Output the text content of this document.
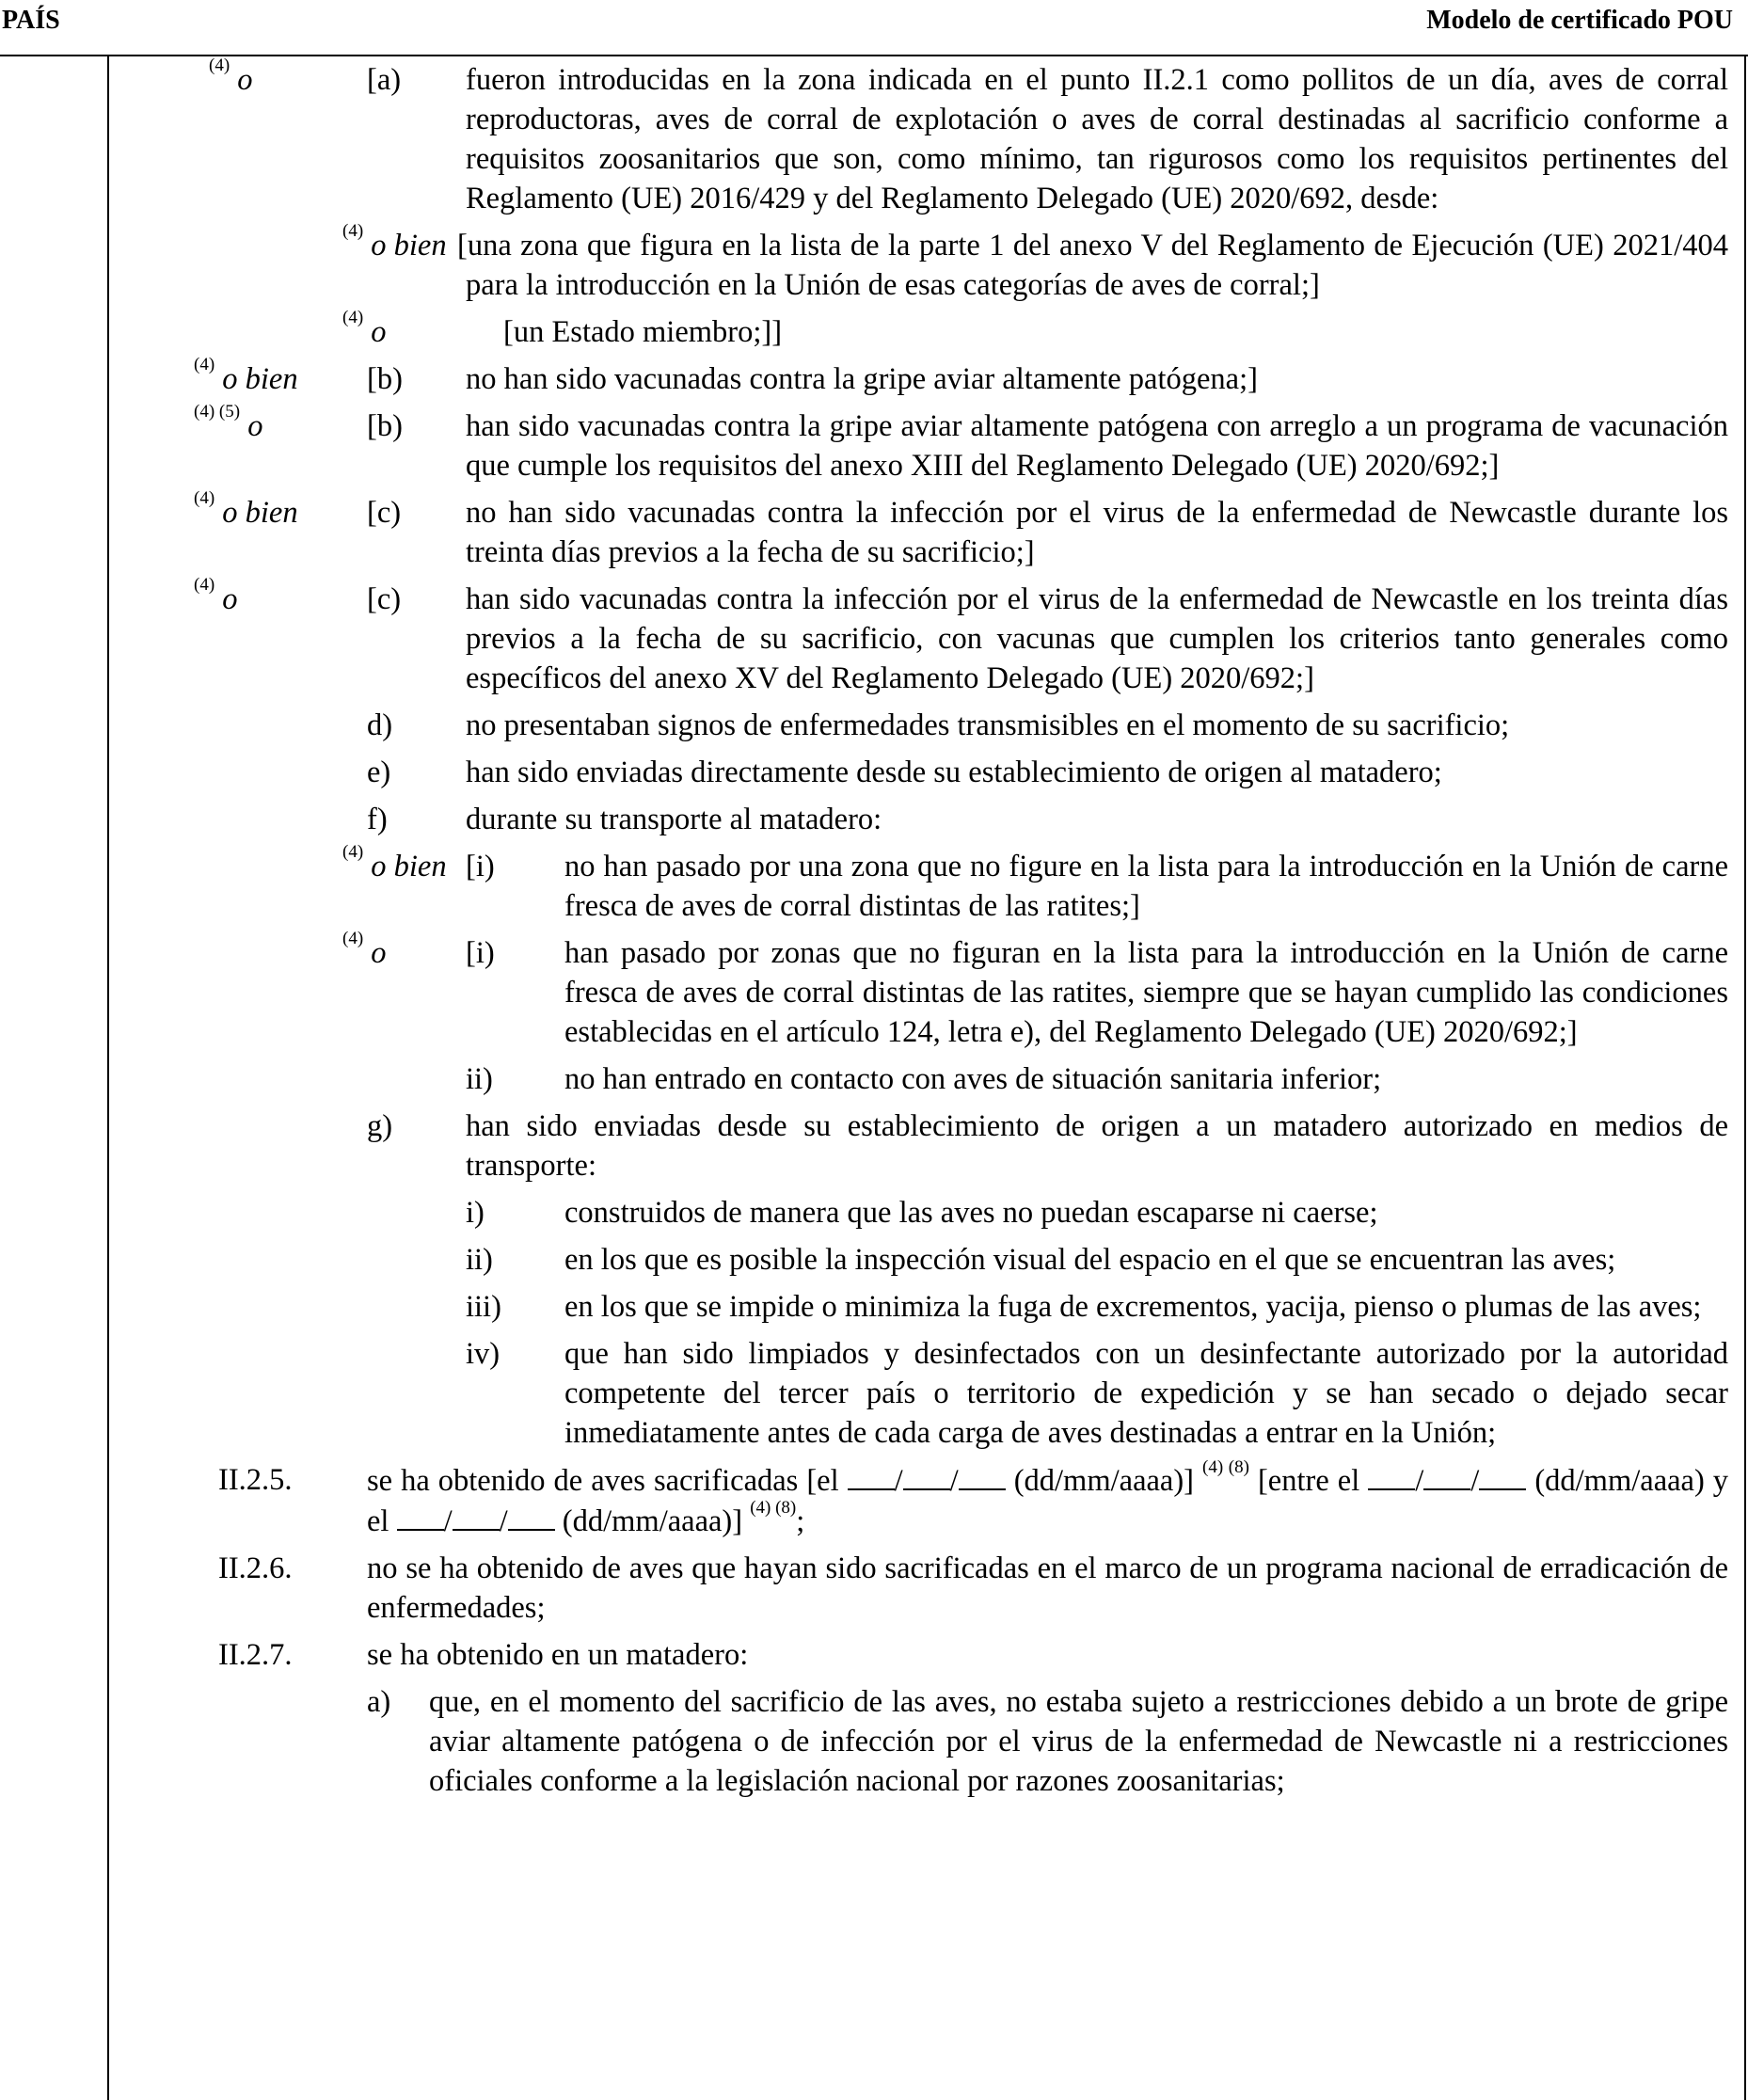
PAÍS	Modelo de certificado POU
$^{(4)}$ o	[a) fueron introducidas en la zona indicada en el punto II.2.1 como pollitos de un día, aves de corral reproductoras, aves de corral de explotación o aves de corral destinadas al sacrificio conforme a requisitos zoosanitarios que son, como mínimo, tan rigurosos como los requisitos pertinentes del Reglamento (UE) 2016/429 y del Reglamento Delegado (UE) 2020/692, desde:
$^{(4)}$ o bien [una zona que figura en la lista de la parte 1 del anexo V del Reglamento de Ejecución (UE) 2021/404 para la introducción en la Unión de esas categorías de aves de corral;]
$^{(4)}$ o	[un Estado miembro;]]
$^{(4)}$ o bien [b) no han sido vacunadas contra la gripe aviar altamente patógena;]
$^{(4) (5)}$ o	[b) han sido vacunadas contra la gripe aviar altamente patógena con arreglo a un programa de vacunación que cumple los requisitos del anexo XIII del Reglamento Delegado (UE) 2020/692;]
$^{(4)}$ o bien [c) no han sido vacunadas contra la infección por el virus de la enfermedad de Newcastle durante los treinta días previos a la fecha de su sacrificio;]
$^{(4)}$ o	[c) han sido vacunadas contra la infección por el virus de la enfermedad de Newcastle en los treinta días previos a la fecha de su sacrificio, con vacunas que cumplen los criterios tanto generales como específicos del anexo XV del Reglamento Delegado (UE) 2020/692;]
d) no presentaban signos de enfermedades transmisibles en el momento de su sacrificio;
e) han sido enviadas directamente desde su establecimiento de origen al matadero;
f)	durante su transporte al matadero:
$^{(4)}$ o bien [i) no han pasado por una zona que no figure en la lista para la introducción en la Unión de carne fresca de aves de corral distintas de las ratites;]
$^{(4)}$ o	[i) han pasado por zonas que no figuran en la lista para la introducción en la Unión de carne fresca de aves de corral distintas de las ratites, siempre que se hayan cumplido las condiciones establecidas en el artículo 124, letra e), del Reglamento Delegado (UE) 2020/692;]
ii) no han entrado en contacto con aves de situación sanitaria inferior;
g) han sido enviadas desde su establecimiento de origen a un matadero autorizado en medios de transporte:
i)	construidos de manera que las aves no puedan escaparse ni caerse;
ii) en los que es posible la inspección visual del espacio en el que se encuentran las aves;
iii) en los que se impide o minimiza la fuga de excrementos, yacija, pienso o plumas de las aves;
iv) que han sido limpiados y desinfectados con un desinfectante autorizado por la autoridad competente del tercer país o territorio de expedición y se han secado o dejado secar inmediatamente antes de cada carga de aves destinadas a entrar en la Unión;
II.2.5. se ha obtenido de aves sacrificadas [el / / (dd/mm/aaaa)] $^{(4) (8)}$ [entre el / / (dd/mm/aaaa) y el / / (dd/mm/aaaa)] $^{(4) (8)}$;
II.2.6. no se ha obtenido de aves que hayan sido sacrificadas en el marco de un programa nacional de erradicación de enfermedades;
II.2.7. se ha obtenido en un matadero:
a) que, en el momento del sacrificio de las aves, no estaba sujeto a restricciones debido a un brote de gripe aviar altamente patógena o de infección por el virus de la enfermedad de Newcastle ni a restricciones oficiales conforme a la legislación nacional por razones zoosanitarias;
